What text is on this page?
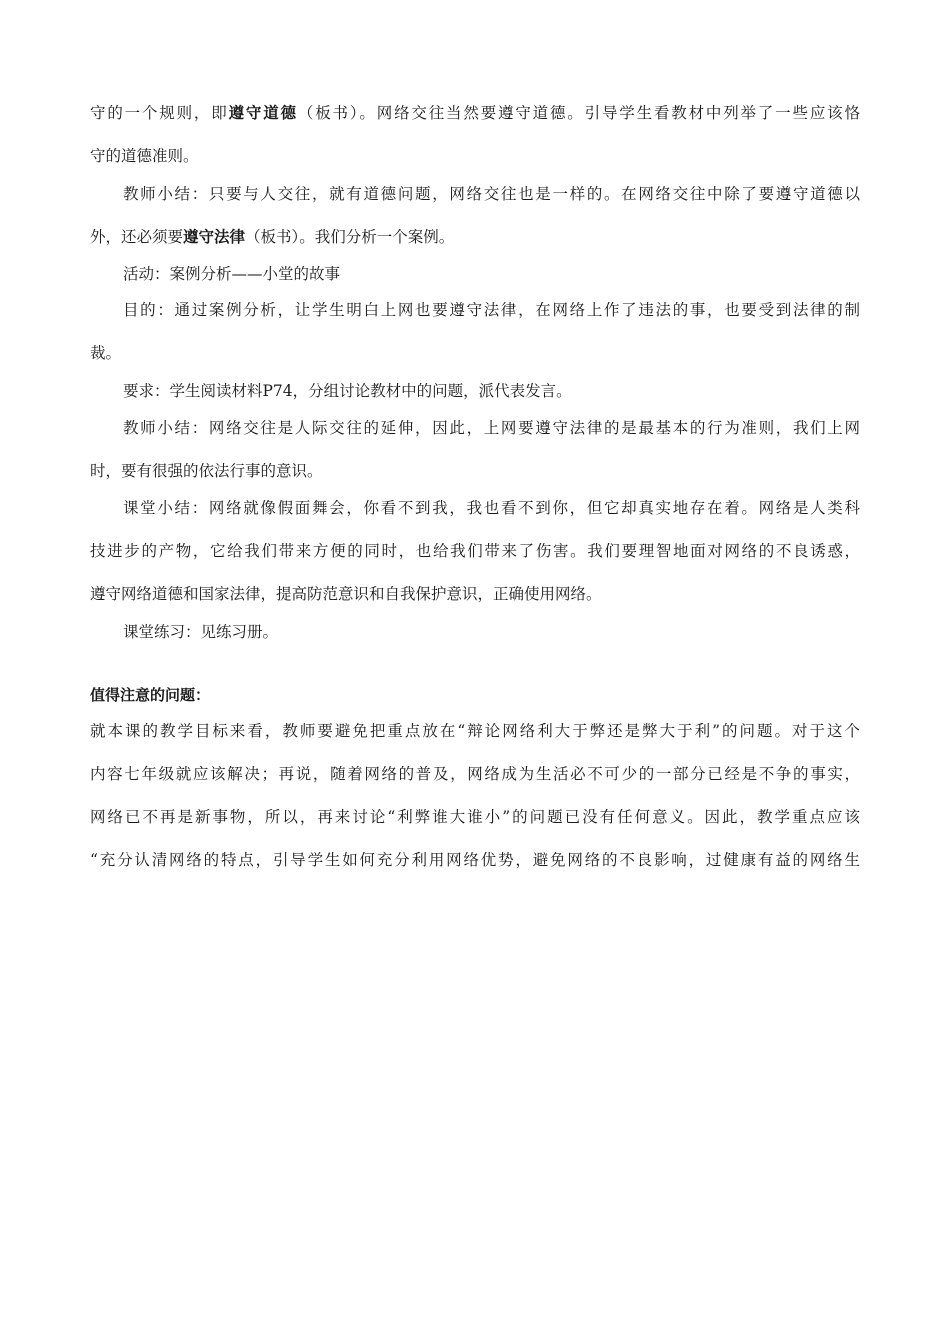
守的一个规则，即遵守道德（板书）。网络交往当然要遵守道德。引导学生看教材中列举了一些应该恪
守的道德准则。
教师小结：只要与人交往，就有道德问题，网络交往也是一样的。在网络交往中除了要遵守道德以
外，还必须要遵守法律（板书）。我们分析一个案例。
活动：案例分析——小堂的故事
目的：通过案例分析，让学生明白上网也要遵守法律，在网络上作了违法的事，也要受到法律的制
裁。
要求：学生阅读材料P74，分组讨论教材中的问题，派代表发言。
教师小结：网络交往是人际交往的延伸，因此，上网要遵守法律的是最基本的行为准则，我们上网
时，要有很强的依法行事的意识。
课堂小结：网络就像假面舞会，你看不到我，我也看不到你，但它却真实地存在着。网络是人类科
技进步的产物，它给我们带来方便的同时，也给我们带来了伤害。我们要理智地面对网络的不良诱惑，
遵守网络道德和国家法律，提高防范意识和自我保护意识，正确使用网络。
课堂练习：见练习册。
值得注意的问题：
就本课的教学目标来看，教师要避免把重点放在“辩论网络利大于弊还是弊大于利”的问题。对于这个
内容七年级就应该解决；再说，随着网络的普及，网络成为生活必不可少的一部分已经是不争的事实，
网络已不再是新事物，所以，再来讨论“利弊谁大谁小”的问题已没有任何意义。因此，教学重点应该
“充分认清网络的特点，引导学生如何充分利用网络优势，避免网络的不良影响，过健康有益的网络生
